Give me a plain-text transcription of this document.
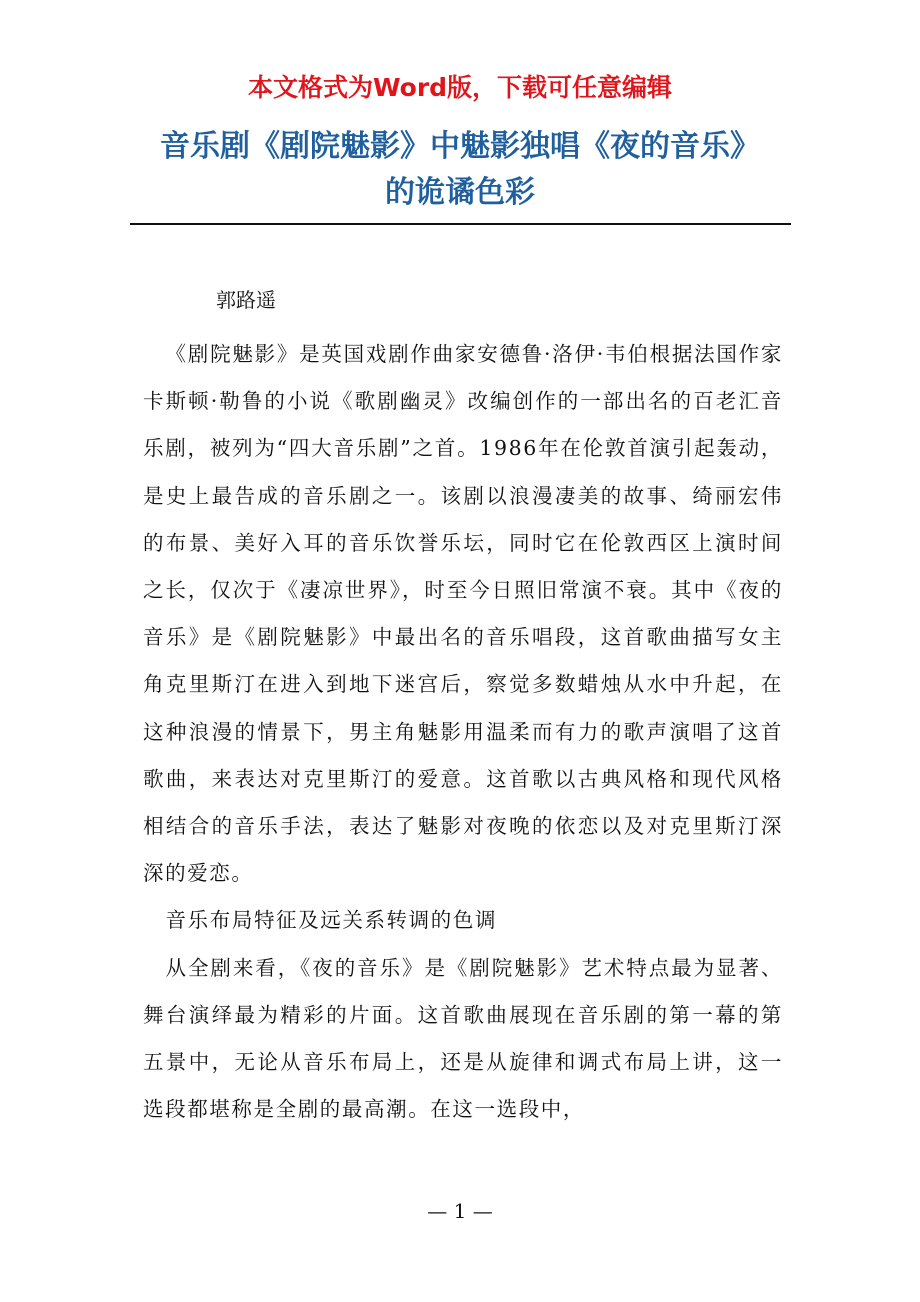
本文格式为Word版，下载可任意编辑
音乐剧《剧院魅影》中魅影独唱《夜的音乐》
的诡谲色彩
郭路遥

《剧院魅影》是英国戏剧作曲家安德鲁·洛伊·韦伯根据法国作家卡斯顿·勒鲁的小说《歌剧幽灵》改编创作的一部出名的百老汇音乐剧，被列为“四大音乐剧”之首。1986年在伦敦首演引起轰动，是史上最告成的音乐剧之一。该剧以浪漫凄美的故事、绮丽宏伟的布景、美好入耳的音乐饮誉乐坛，同时它在伦敦西区上演时间之长，仅次于《凄凉世界》，时至今日照旧常演不衰。其中《夜的音乐》是《剧院魅影》中最出名的音乐唱段，这首歌曲描写女主角克里斯汀在进入到地下迷宫后，察觉多数蜡烛从水中升起，在这种浪漫的情景下，男主角魅影用温柔而有力的歌声演唱了这首歌曲，来表达对克里斯汀的爱意。这首歌以古典风格和现代风格相结合的音乐手法，表达了魅影对夜晚的依恋以及对克里斯汀深深的爱恋。

音乐布局特征及远关系转调的色调

从全剧来看，《夜的音乐》是《剧院魅影》艺术特点最为显著、舞台演绎最为精彩的片面。这首歌曲展现在音乐剧的第一幕的第五景中，无论从音乐布局上，还是从旋律和调式布局上讲，这一选段都堪称是全剧的最高潮。在这一选段中，

— 1 —
